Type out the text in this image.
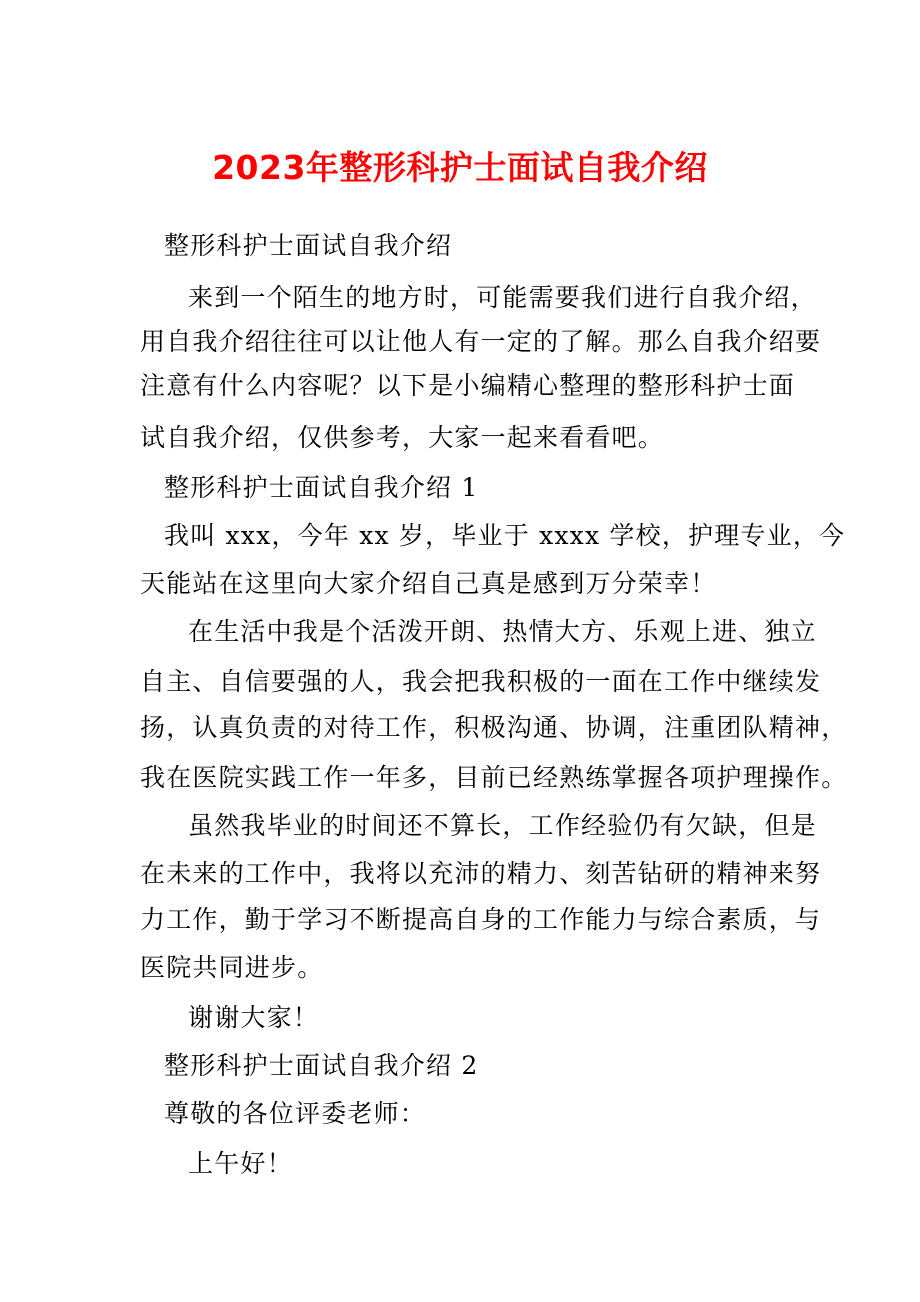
2023年整形科护士面试自我介绍
整形科护士面试自我介绍
来到一个陌生的地方时，可能需要我们进行自我介绍，
用自我介绍往往可以让他人有一定的了解。那么自我介绍要
注意有什么内容呢？以下是小编精心整理的整形科护士面
试自我介绍，仅供参考，大家一起来看看吧。
整形科护士面试自我介绍 1
我叫 xxx，今年 xx 岁，毕业于 xxxx 学校，护理专业，今
天能站在这里向大家介绍自己真是感到万分荣幸！
在生活中我是个活泼开朗、热情大方、乐观上进、独立
自主、自信要强的人，我会把我积极的一面在工作中继续发
扬，认真负责的对待工作，积极沟通、协调，注重团队精神，
我在医院实践工作一年多，目前已经熟练掌握各项护理操作。
虽然我毕业的时间还不算长，工作经验仍有欠缺，但是
在未来的工作中，我将以充沛的精力、刻苦钻研的精神来努
力工作，勤于学习不断提高自身的工作能力与综合素质，与
医院共同进步。
谢谢大家！
整形科护士面试自我介绍 2
尊敬的各位评委老师：
上午好！
